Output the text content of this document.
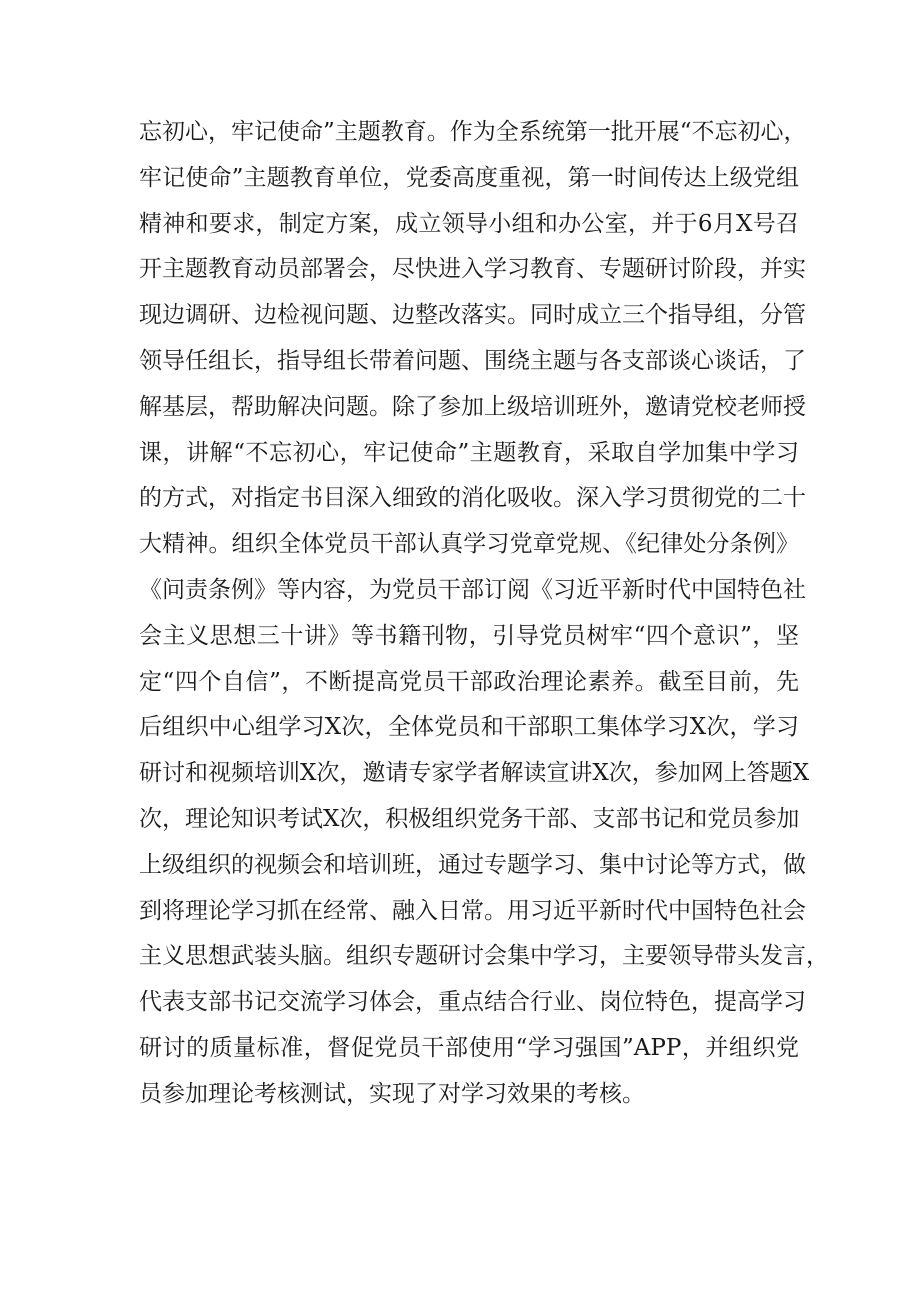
忘初心，牢记使命”主题教育。作为全系统第一批开展“不忘初心，
牢记使命”主题教育单位，党委高度重视，第一时间传达上级党组
精神和要求，制定方案，成立领导小组和办公室，并于6月X号召
开主题教育动员部署会，尽快进入学习教育、专题研讨阶段，并实
现边调研、边检视问题、边整改落实。同时成立三个指导组，分管
领导任组长，指导组长带着问题、围绕主题与各支部谈心谈话，了
解基层，帮助解决问题。除了参加上级培训班外，邀请党校老师授
课，讲解“不忘初心，牢记使命”主题教育，采取自学加集中学习
的方式，对指定书目深入细致的消化吸收。深入学习贯彻党的二十
大精神。组织全体党员干部认真学习党章党规、《纪律处分条例》
《问责条例》等内容，为党员干部订阅《习近平新时代中国特色社
会主义思想三十讲》等书籍刊物，引导党员树牢“四个意识”，坚
定“四个自信”，不断提高党员干部政治理论素养。截至目前，先
后组织中心组学习X次，全体党员和干部职工集体学习X次，学习
研讨和视频培训X次，邀请专家学者解读宣讲X次，参加网上答题X
次，理论知识考试X次，积极组织党务干部、支部书记和党员参加
上级组织的视频会和培训班，通过专题学习、集中讨论等方式，做
到将理论学习抓在经常、融入日常。用习近平新时代中国特色社会
主义思想武装头脑。组织专题研讨会集中学习，主要领导带头发言，
代表支部书记交流学习体会，重点结合行业、岗位特色，提高学习
研讨的质量标准，督促党员干部使用“学习强国”APP，并组织党
员参加理论考核测试，实现了对学习效果的考核。
